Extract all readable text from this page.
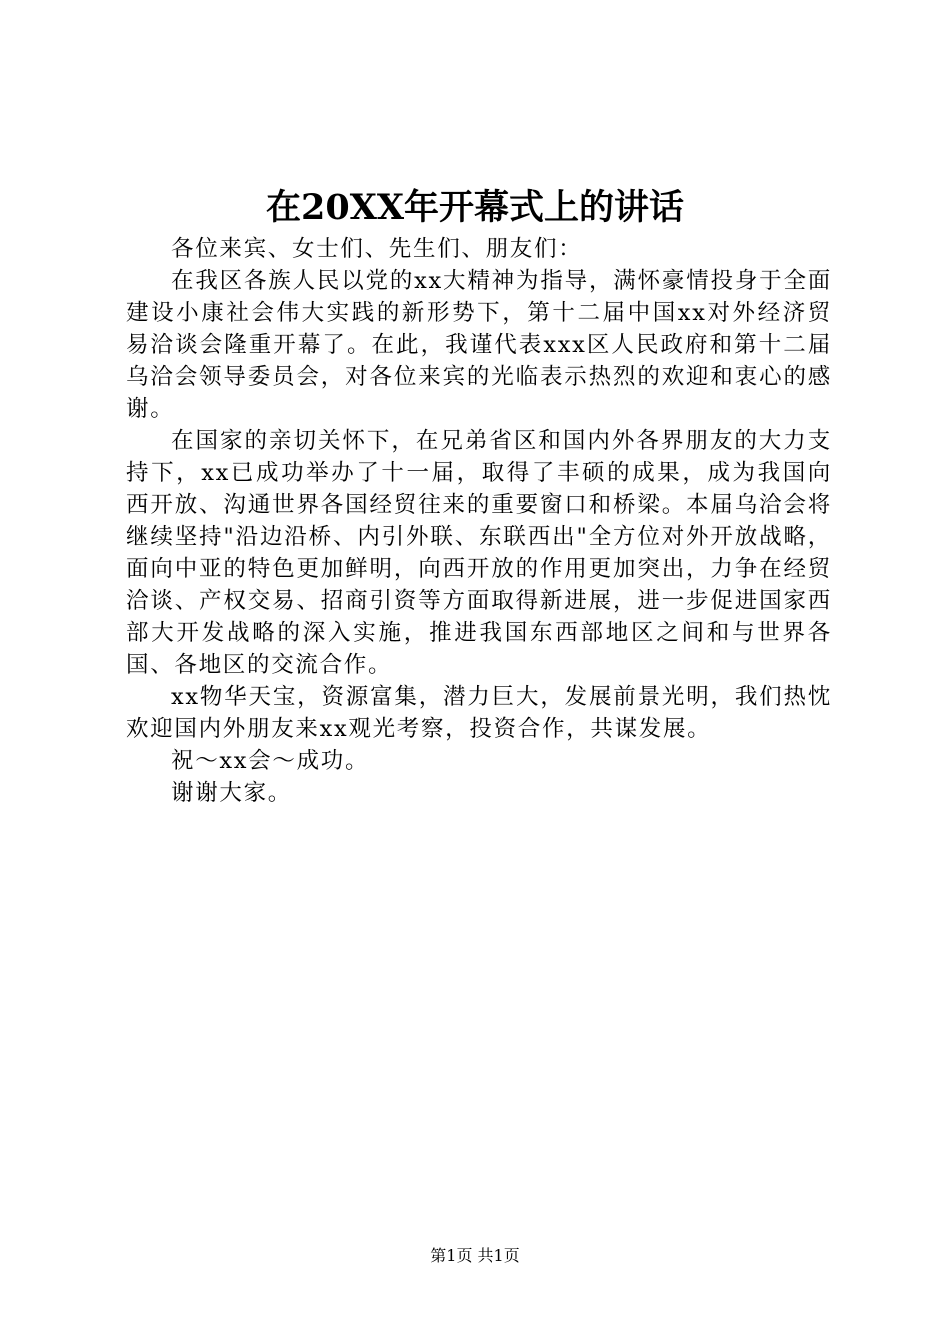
在20XX年开幕式上的讲话

各位来宾、女士们、先生们、朋友们：

在我区各族人民以党的xx大精神为指导，满怀豪情投身于全面建设小康社会伟大实践的新形势下，第十二届中国xx对外经济贸易洽谈会隆重开幕了。在此，我谨代表xxx区人民政府和第十二届乌洽会领导委员会，对各位来宾的光临表示热烈的欢迎和衷心的感谢。

在国家的亲切关怀下，在兄弟省区和国内外各界朋友的大力支持下，xx已成功举办了十一届，取得了丰硕的成果，成为我国向西开放、沟通世界各国经贸往来的重要窗口和桥梁。本届乌洽会将继续坚持"沿边沿桥、内引外联、东联西出"全方位对外开放战略，面向中亚的特色更加鲜明，向西开放的作用更加突出，力争在经贸洽谈、产权交易、招商引资等方面取得新进展，进一步促进国家西部大开发战略的深入实施，推进我国东西部地区之间和与世界各国、各地区的交流合作。

xx物华天宝，资源富集，潜力巨大，发展前景光明，我们热忱欢迎国内外朋友来xx观光考察，投资合作，共谋发展。

祝～xx会～成功。

谢谢大家。

第1页 共1页
